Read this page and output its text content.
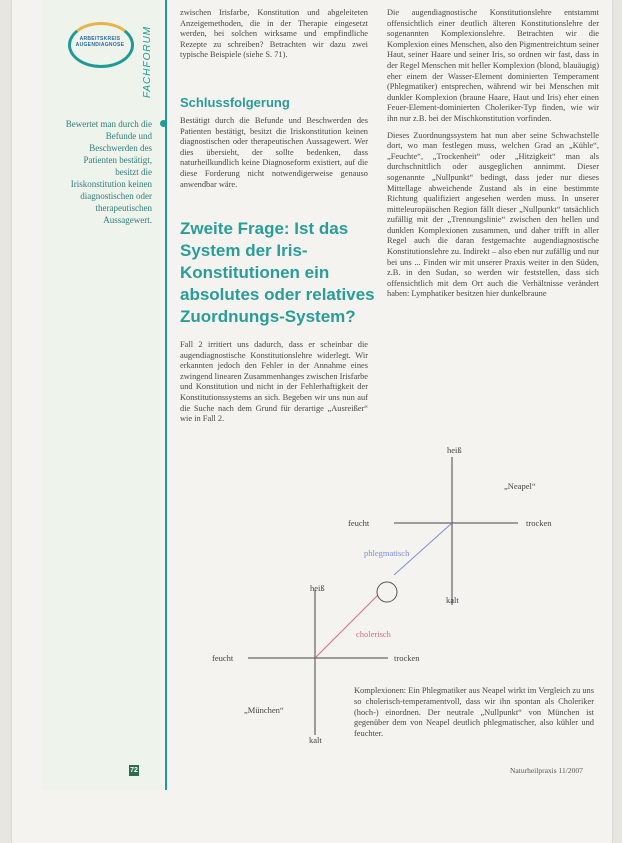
ARBEITSKREIS
AUGENDIAGNOSE	FACHFORUM
Bewertet man durch die Befunde und Beschwerden des Patienten bestätigt, besitzt die Iriskonstitution keinen diagnostischen oder therapeutischen Aussagewert.

zwischen Irisfarbe, Konstitution und abgeleiteten Anzeigemethoden, die in der Therapie eingesetzt werden, bei solchen wirksame und empfindliche Rezepte zu schreiben? Betrachten wir dazu zwei typische Beispiele (siehe S. 71).

Schlussfolgerung

Bestätigt durch die Befunde und Beschwerden des Patienten bestätigt, besitzt die Iriskonstitution keinen diagnostischen oder therapeutischen Aussagewert. Wer dies übersieht, der sollte bedenken, dass naturheilkundlich keine Diagnoseform existiert, auf die diese Forderung nicht notwendigerweise genauso anwendbar wäre.

Zweite Frage: Ist das System der Iris-Konstitutionen ein absolutes oder relatives Zuordnungs-System?

Fall 2 irritiert uns dadurch, dass er scheinbar die augendiagnostische Konstitutionslehre widerlegt. Wir erkannten jedoch den Fehler in der Annahme eines zwingend linearen Zusammenhanges zwischen Irisfarbe und Konstitution und nicht in der Fehlerhaftigkeit der Konstitutionssystems an sich. Begeben wir uns nun auf die Suche nach dem Grund für derartige „Ausreißer“ wie in Fall 2.

Die augendiagnostische Konstitutionslehre entstammt offensichtlich einer deutlich älteren Konstitutionslehre der sogenannten Komplexionslehre. Betrachten wir die Komplexion eines Menschen, also den Pigmentreichtum seiner Haut, seiner Haare und seiner Iris, so ordnen wir fast, dass in der Regel Menschen mit heller Komplexion (blond, blauäugig) eher einem der Wasser-Element dominierten Temperament (Phlegmatiker) entsprechen, während wir bei Menschen mit dunkler Komplexion (braune Haare, Haut und Iris) eher einen Feuer-Element-dominierten Choleriker-Typ finden, wie wir ihn nur z.B. bei der Mischkonstitution vorfinden.

Dieses Zuordnungssystem hat nun aber seine Schwachstelle dort, wo man festlegen muss, welchen Grad an „Kühle“, „Feuchte“, „Trockenheit“ oder „Hitzigkeit“ man als durchschnittlich oder ausgeglichen annimmt. Dieser sogenannte „Nullpunkt“ bedingt, dass jeder nur dieses Mittellage abweichende Zustand als in eine bestimmte Richtung qualifiziert angesehen werden muss. In unserer mitteleuropäischen Region fällt dieser „Nullpunkt“ tatsächlich zufällig mit der „Trennungslinie“ zwischen den hellen und dunklen Komplexionen zusammen, und daher trifft in aller Regel auch die daran festgemachte augendiagnostische Konstitutionslehre zu. Indirekt – also eben nur zufällig und nur bei uns ... Finden wir mit unserer Praxis weiter in den Süden, z.B. in den Sudan, so werden wir feststellen, dass sich offensichtlich mit dem Ort auch die Verhältnisse verändert haben: Lymphatiker besitzen hier dunkelbraune

heiß
feucht	trocken
kalt
„Neapel“
phlegmatisch
cholerisch
heiß
feucht	trocken
kalt
„München“
Komplexionen: Ein Phlegmatiker aus Neapel wirkt im Vergleich zu uns so cholerisch-temperamentvoll, dass wir ihn spontan als Choleriker (hoch-) einordnen. Der neutrale „Nullpunkt“ von München ist gegenüber dem von Neapel deutlich phlegmatischer, also kühler und feuchter.
72	Naturheilpraxis 11/2007
